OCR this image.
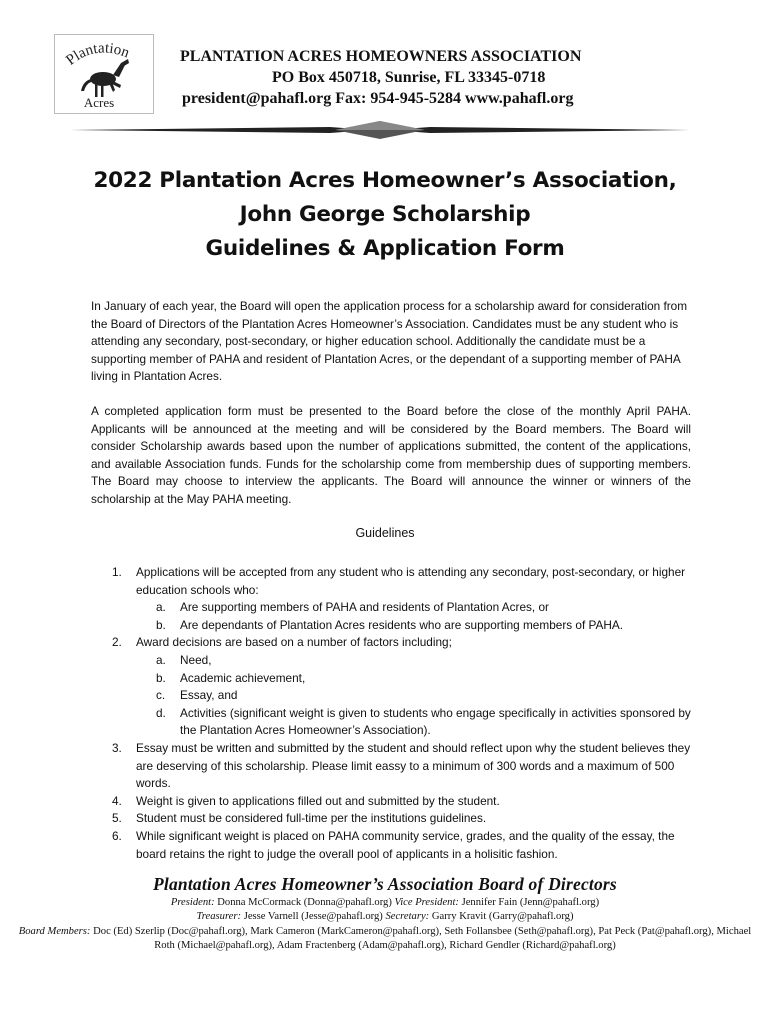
Plantation
Acres
PLANTATION ACRES HOMEOWNERS ASSOCIATION
PO Box 450718, Sunrise, FL 33345-0718
president@pahafl.org Fax: 954-945-5284 www.pahafl.org
2022 Plantation Acres Homeowner’s Association,
John George Scholarship
Guidelines & Application Form
In January of each year, the Board will open the application process for a scholarship award for consideration from the Board of Directors of the Plantation Acres Homeowner’s Association. Candidates must be any student who is attending any secondary, post-secondary, or higher education school. Additionally the candidate must be a supporting member of PAHA and resident of Plantation Acres, or the dependant of a supporting member of PAHA living in Plantation Acres.
A completed application form must be presented to the Board before the close of the monthly April PAHA. Applicants will be announced at the meeting and will be considered by the Board members. The Board will consider Scholarship awards based upon the number of applications submitted, the content of the applications, and available Association funds. Funds for the scholarship come from membership dues of supporting members. The Board may choose to interview the applicants. The Board will announce the winner or winners of the scholarship at the May PAHA meeting.
Guidelines
1. Applications will be accepted from any student who is attending any secondary, post-secondary, or higher education schools who:
a. Are supporting members of PAHA and residents of Plantation Acres, or
b. Are dependants of Plantation Acres residents who are supporting members of PAHA.
2. Award decisions are based on a number of factors including;
a. Need,
b. Academic achievement,
c. Essay, and
d. Activities (significant weight is given to students who engage specifically in activities sponsored by the Plantation Acres Homeowner’s Association).
3. Essay must be written and submitted by the student and should reflect upon why the student believes they are deserving of this scholarship. Please limit eassy to a minimum of 300 words and a maximum of 500 words.
4. Weight is given to applications filled out and submitted by the student.
5. Student must be considered full-time per the institutions guidelines.
6. While significant weight is placed on PAHA community service, grades, and the quality of the essay, the board retains the right to judge the overall pool of applicants in a holisitic fashion.
Plantation Acres Homeowner’s Association Board of Directors
President: Donna McCormack (Donna@pahafl.org) Vice President: Jennifer Fain (Jenn@pahafl.org)
Treasurer: Jesse Varnell (Jesse@pahafl.org) Secretary: Garry Kravit (Garry@pahafl.org)
Board Members: Doc (Ed) Szerlip (Doc@pahafl.org), Mark Cameron (MarkCameron@pahafl.org), Seth Follansbee (Seth@pahafl.org), Pat Peck (Pat@pahafl.org), Michael Roth (Michael@pahafl.org), Adam Fractenberg (Adam@pahafl.org), Richard Gendler (Richard@pahafl.org)
